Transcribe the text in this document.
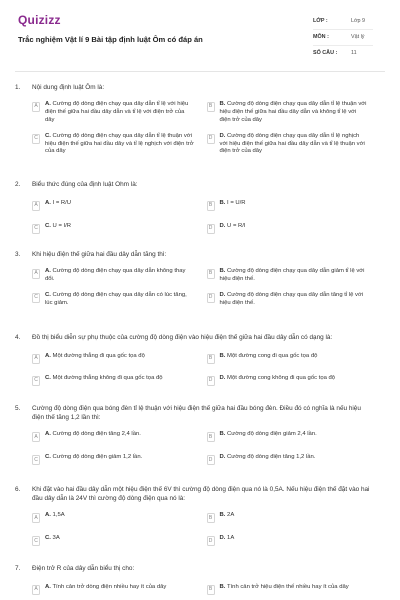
Quizizz
Trắc nghiệm Vật lí 9 Bài tập định luật Ôm có đáp án
LỚP :	Lớp 9
MÔN :	Vật lý
SỐ CÂU :	11
1.	Nội dung định luật Ôm là:
A	A. Cường độ dòng điện chạy qua dây dẫn tỉ lệ với hiệu điện thế giữa hai đầu dây dẫn và tỉ lệ với điện trở của dây
B	B. Cường độ dòng điện chạy qua dây dẫn tỉ lệ thuận với hiệu điện thế giữa hai đầu dây dẫn và không tỉ lệ với điện trở của dây
C	C. Cường độ dòng điện chạy qua dây dẫn tỉ lệ thuận với hiệu điện thế giữa hai đầu dây và tỉ lệ nghịch với điện trở của dây
D	D. Cường độ dòng điện chạy qua dây dẫn tỉ lệ nghịch với hiệu điện thế giữa hai đầu dây dẫn và tỉ lệ thuận với điện trở của dây
2.	Biểu thức đúng của định luật Ohm là:
A	A. I = R/U	B	B. I = U/R
C	C. U = I/R	D	D. U = R/I
3.	Khi hiệu điện thế giữa hai đầu dây dẫn tăng thì:
A	A. Cường độ dòng điện chạy qua dây dẫn không thay đổi.
B	B. Cường độ dòng điện chạy qua dây dẫn giảm tỉ lệ với hiệu điện thế.
C	C. Cường độ dòng điện chạy qua dây dẫn có lúc tăng, lúc giảm.
D	D. Cường độ dòng điện chạy qua dây dẫn tăng tỉ lệ với hiệu điện thế.
4.	Đồ thị biểu diễn sự phụ thuộc của cường độ dòng điện vào hiệu điện thế giữa hai đầu dây dẫn có dạng là:
A	A. Một đường thẳng đi qua gốc tọa độ	B	B. Một đường cong đi qua gốc tọa độ
C	C. Một đường thẳng không đi qua gốc tọa độ	D	D. Một đường cong không đi qua gốc tọa độ
5.	Cường độ dòng điện qua bóng đèn tỉ lệ thuận với hiệu điện thế giữa hai đầu bóng đèn. Điều đó có nghĩa là nếu hiệu điện thế tăng 1,2 lần thì:
A	A. Cường độ dòng điện tăng 2,4 lần.	B	B. Cường độ dòng điện giảm 2,4 lần.
C	C. Cường độ dòng điện giảm 1,2 lần.	D	D. Cường độ dòng điện tăng 1,2 lần.
6.	Khi đặt vào hai đầu dây dẫn một hiệu điện thế 6V thì cường độ dòng điện qua nó là 0,5A. Nếu hiệu điện thế đặt vào hai đầu dây dẫn là 24V thì cường độ dòng điện qua nó là:
A	A. 1,5A	B	B. 2A
C	C. 3A	D	D. 1A
7.	Điện trở R của dây dẫn biểu thị cho:
A	A. Tính cản trở dòng điện nhiều hay ít của dây	B	B. Tính cản trở hiệu điện thế nhiều hay ít của dây
